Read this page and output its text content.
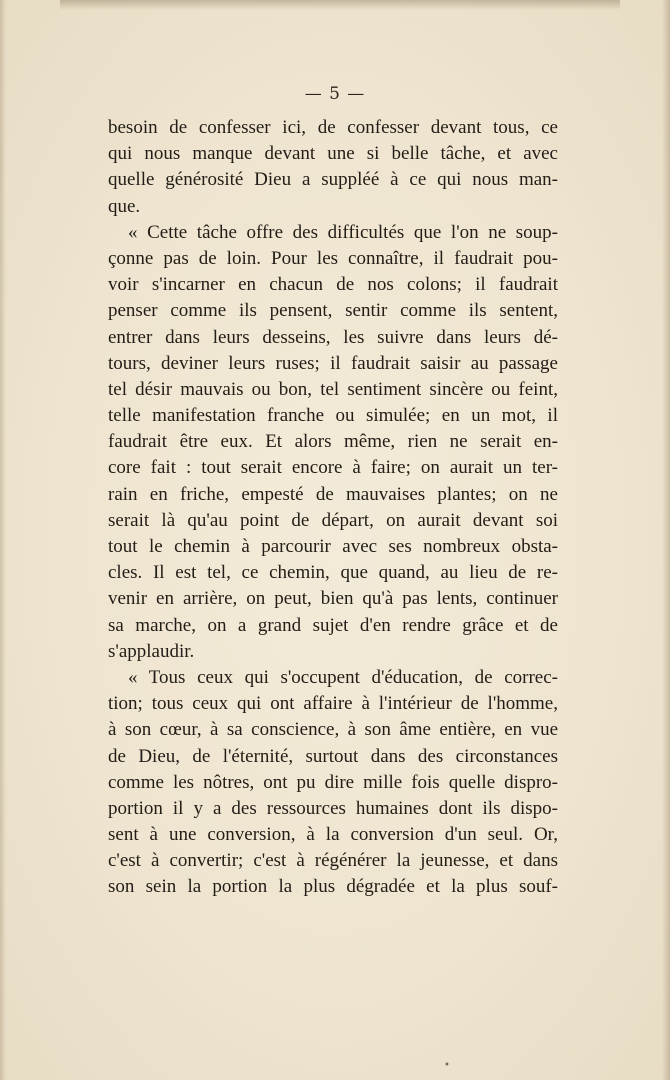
— 5 —
besoin de confesser ici, de confesser devant tous, ce
qui nous manque devant une si belle tâche, et avec
quelle générosité Dieu a suppléé à ce qui nous man-
que.
« Cette tâche offre des difficultés que l'on ne soup-
çonne pas de loin. Pour les connaître, il faudrait pou-
voir s'incarner en chacun de nos colons; il faudrait
penser comme ils pensent, sentir comme ils sentent,
entrer dans leurs desseins, les suivre dans leurs dé-
tours, deviner leurs ruses; il faudrait saisir au passage
tel désir mauvais ou bon, tel sentiment sincère ou feint,
telle manifestation franche ou simulée; en un mot, il
faudrait être eux. Et alors même, rien ne serait en-
core fait : tout serait encore à faire; on aurait un ter-
rain en friche, empesté de mauvaises plantes; on ne
serait là qu'au point de départ, on aurait devant soi
tout le chemin à parcourir avec ses nombreux obsta-
cles. Il est tel, ce chemin, que quand, au lieu de re-
venir en arrière, on peut, bien qu'à pas lents, continuer
sa marche, on a grand sujet d'en rendre grâce et de
s'applaudir.
« Tous ceux qui s'occupent d'éducation, de correc-
tion; tous ceux qui ont affaire à l'intérieur de l'homme,
à son cœur, à sa conscience, à son âme entière, en vue
de Dieu, de l'éternité, surtout dans des circonstances
comme les nôtres, ont pu dire mille fois quelle dispro-
portion il y a des ressources humaines dont ils dispo-
sent à une conversion, à la conversion d'un seul. Or,
c'est à convertir; c'est à régénérer la jeunesse, et dans
son sein la portion la plus dégradée et la plus souf-
•
